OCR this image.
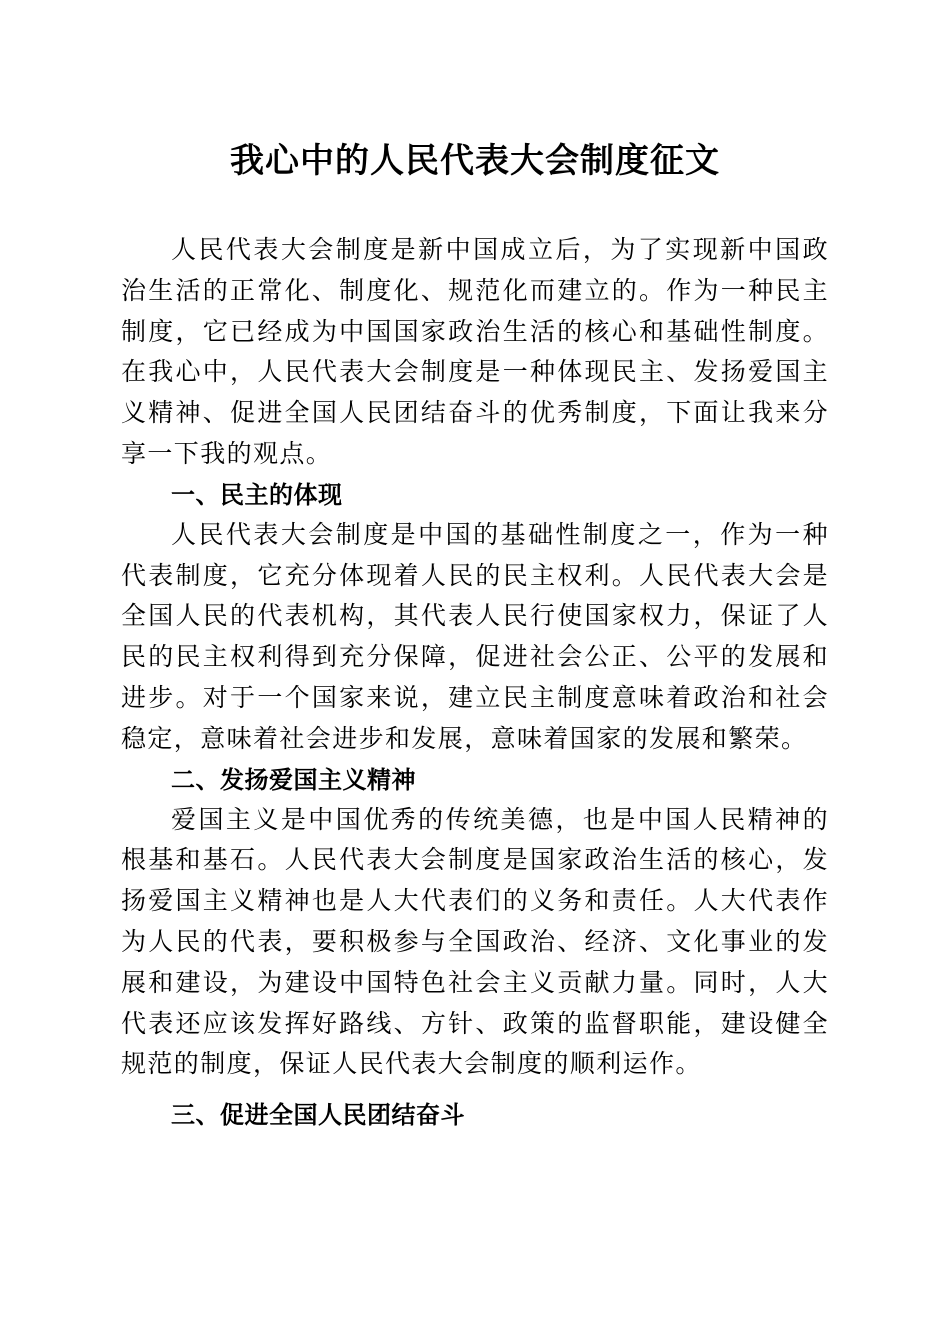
我心中的人民代表大会制度征文

人民代表大会制度是新中国成立后，为了实现新中国政治生活的正常化、制度化、规范化而建立的。作为一种民主制度，它已经成为中国国家政治生活的核心和基础性制度。在我心中，人民代表大会制度是一种体现民主、发扬爱国主义精神、促进全国人民团结奋斗的优秀制度，下面让我来分享一下我的观点。

一、民主的体现

人民代表大会制度是中国的基础性制度之一，作为一种代表制度，它充分体现着人民的民主权利。人民代表大会是全国人民的代表机构，其代表人民行使国家权力，保证了人民的民主权利得到充分保障，促进社会公正、公平的发展和进步。对于一个国家来说，建立民主制度意味着政治和社会稳定，意味着社会进步和发展，意味着国家的发展和繁荣。

二、发扬爱国主义精神

爱国主义是中国优秀的传统美德，也是中国人民精神的根基和基石。人民代表大会制度是国家政治生活的核心，发扬爱国主义精神也是人大代表们的义务和责任。人大代表作为人民的代表，要积极参与全国政治、经济、文化事业的发展和建设，为建设中国特色社会主义贡献力量。同时，人大代表还应该发挥好路线、方针、政策的监督职能，建设健全规范的制度，保证人民代表大会制度的顺利运作。

三、促进全国人民团结奋斗
